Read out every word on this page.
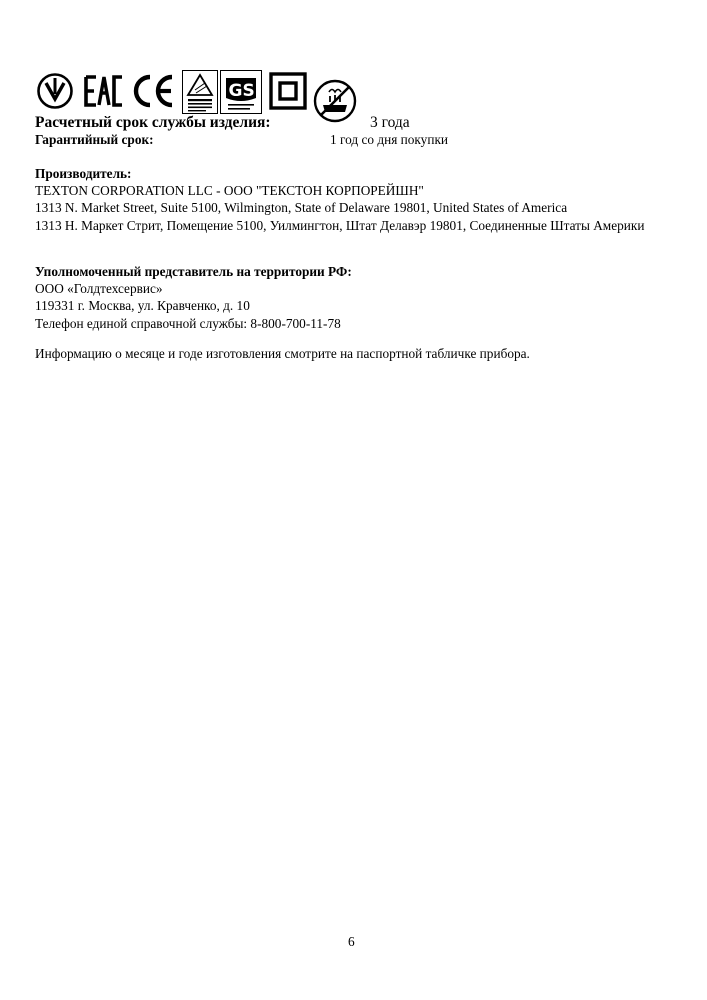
GS
Расчетный срок службы изделия:	3 года
Гарантийный срок:	1 год со дня покупки
Производитель:
TEXTON CORPORATION LLC - ООО "ТЕКСТОН КОРПОРЕЙШН"
1313 N. Market Street, Suite 5100, Wilmington, State of Delaware 19801, United States of America
1313 Н. Маркет Стрит, Помещение 5100, Уилмингтон, Штат Делавэр 19801, Соединенные Штаты Америки
Уполномоченный представитель на территории РФ:
ООО «Голдтехсервис»
119331 г. Москва, ул. Кравченко, д. 10
Телефон единой справочной службы: 8-800-700-11-78
Информацию о месяце и годе изготовления смотрите на паспортной табличке прибора.
6
